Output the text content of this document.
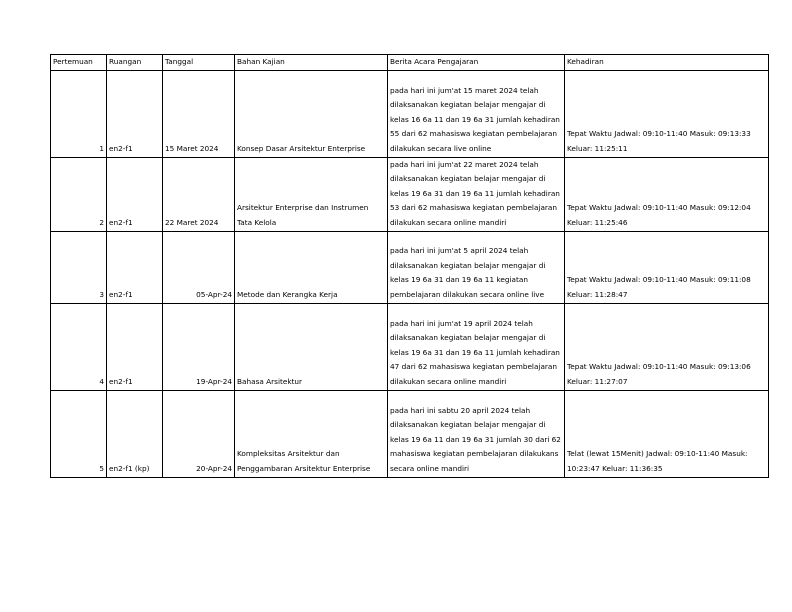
Pertemuan	Ruangan	Tanggal	Bahan Kajian	Berita Acara Pengajaran	Kehadiran
1	en2-f1	15 Maret 2024	Konsep Dasar Arsitektur Enterprise	pada hari ini jum'at 15 maret 2024 telah dilaksanakan kegiatan belajar mengajar di kelas 16 6a 11 dan 19 6a 31 jumlah kehadiran 55 dari 62 mahasiswa kegiatan pembelajaran dilakukan secara live online	Tepat Waktu Jadwal: 09:10-11:40 Masuk: 09:13:33 Keluar: 11:25:11
2	en2-f1	22 Maret 2024	Arsitektur Enterprise dan Instrumen Tata Kelola	pada hari ini jum'at 22 maret 2024 telah dilaksanakan kegiatan belajar mengajar di kelas 19 6a 31 dan 19 6a 11 jumlah kehadiran 53 dari 62 mahasiswa kegiatan pembelajaran dilakukan secara online mandiri	Tepat Waktu Jadwal: 09:10-11:40 Masuk: 09:12:04 Keluar: 11:25:46
3	en2-f1	05-Apr-24	Metode dan Kerangka Kerja	pada hari ini jum'at 5 april 2024 telah dilaksanakan kegiatan belajar mengajar di kelas 19 6a 31 dan 19 6a 11 kegiatan pembelajaran dilakukan secara online live	Tepat Waktu Jadwal: 09:10-11:40 Masuk: 09:11:08 Keluar: 11:28:47
4	en2-f1	19-Apr-24	Bahasa Arsitektur	pada hari ini jum'at 19 april 2024 telah dilaksanakan kegiatan belajar mengajar di kelas 19 6a 31 dan 19 6a 11 jumlah kehadiran 47 dari 62 mahasiswa kegiatan pembelajaran dilakukan secara online mandiri	Tepat Waktu Jadwal: 09:10-11:40 Masuk: 09:13:06 Keluar: 11:27:07
5	en2-f1 (kp)	20-Apr-24	Kompleksitas Arsitektur dan Penggambaran Arsitektur Enterprise	pada hari ini sabtu 20 april 2024 telah dilaksanakan kegiatan belajar mengajar di kelas 19 6a 11 dan 19 6a 31 jumlah 30 dari 62 mahasiswa kegiatan pembelajaran dilakukans secara online mandiri	Telat (lewat 15Menit) Jadwal: 09:10-11:40 Masuk: 10:23:47 Keluar: 11:36:35
